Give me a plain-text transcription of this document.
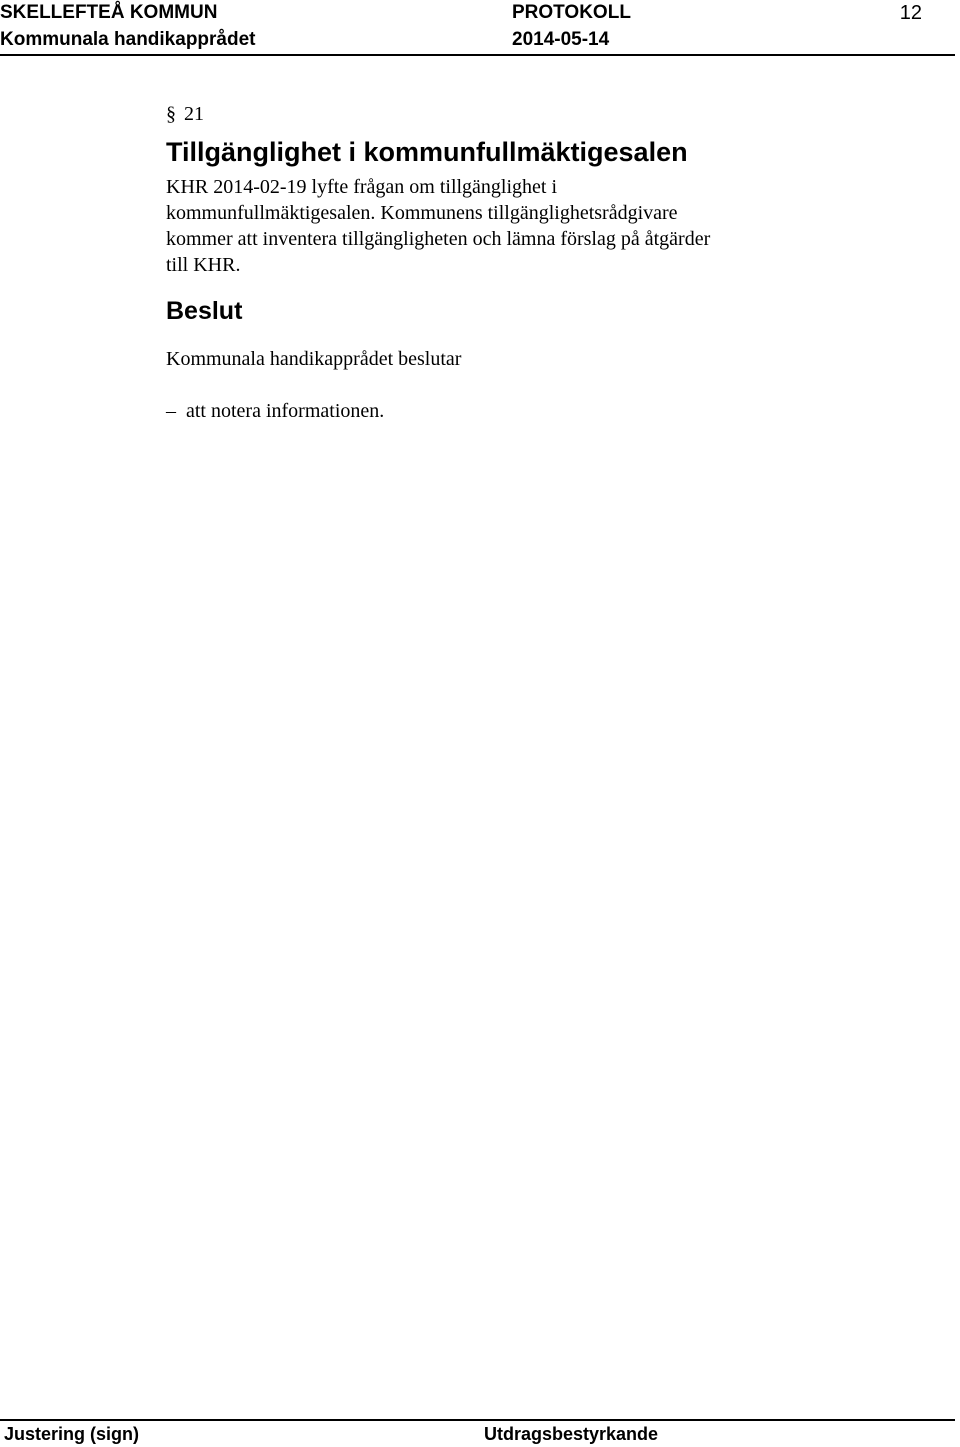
SKELLEFTEÅ KOMMUN
Kommunala handikapprådet
PROTOKOLL
2014-05-14
12
§ 21
Tillgänglighet i kommunfullmäktigesalen
KHR 2014-02-19 lyfte frågan om tillgänglighet i
kommunfullmäktigesalen. Kommunens tillgänglighetsrådgivare
kommer att inventera tillgängligheten och lämna förslag på åtgärder
till KHR.
Beslut
Kommunala handikapprådet beslutar
– att notera informationen.
Justering (sign)	Utdragsbestyrkande
